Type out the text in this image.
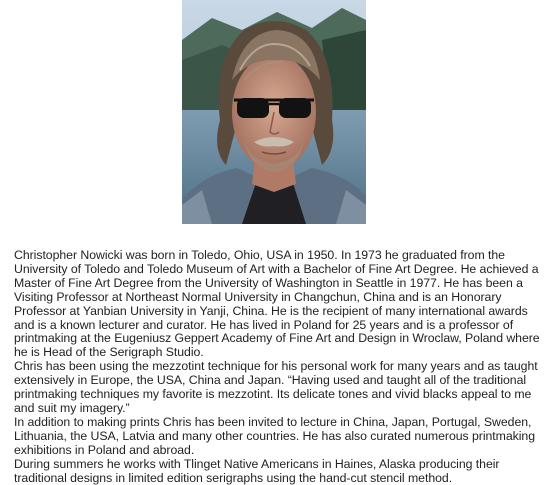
Christopher Nowicki was born in Toledo, Ohio, USA in 1950. In 1973 he graduated from the University of Toledo and Toledo Museum of Art with a Bachelor of Fine Art Degree. He achieved a Master of Fine Art Degree from the University of Washington in Seattle in 1977. He has been a Visiting Professor at Northeast Normal University in Changchun, China and is an Honorary Professor at Yanbian University in Yanji, China. He is the recipient of many international awards and is a known lecturer and curator. He has lived in Poland for 25 years and is a professor of printmaking at the Eugeniusz Geppert Academy of Fine Art and Design in Wroclaw, Poland where he is Head of the Serigraph Studio.

Chris has been using the mezzotint technique for his personal work for many years and as taught extensively in Europe, the USA, China and Japan. “Having used and taught all of the traditional printmaking techniques my favorite is mezzotint. Its delicate tones and vivid blacks appeal to me and suit my imagery.”

In addition to making prints Chris has been invited to lecture in China, Japan, Portugal, Sweden, Lithuania, the USA, Latvia and many other countries. He has also curated numerous printmaking exhibitions in Poland and abroad.

During summers he works with Tlinget Native Americans in Haines, Alaska producing their traditional designs in limited edition serigraphs using the hand-cut stencil method.
